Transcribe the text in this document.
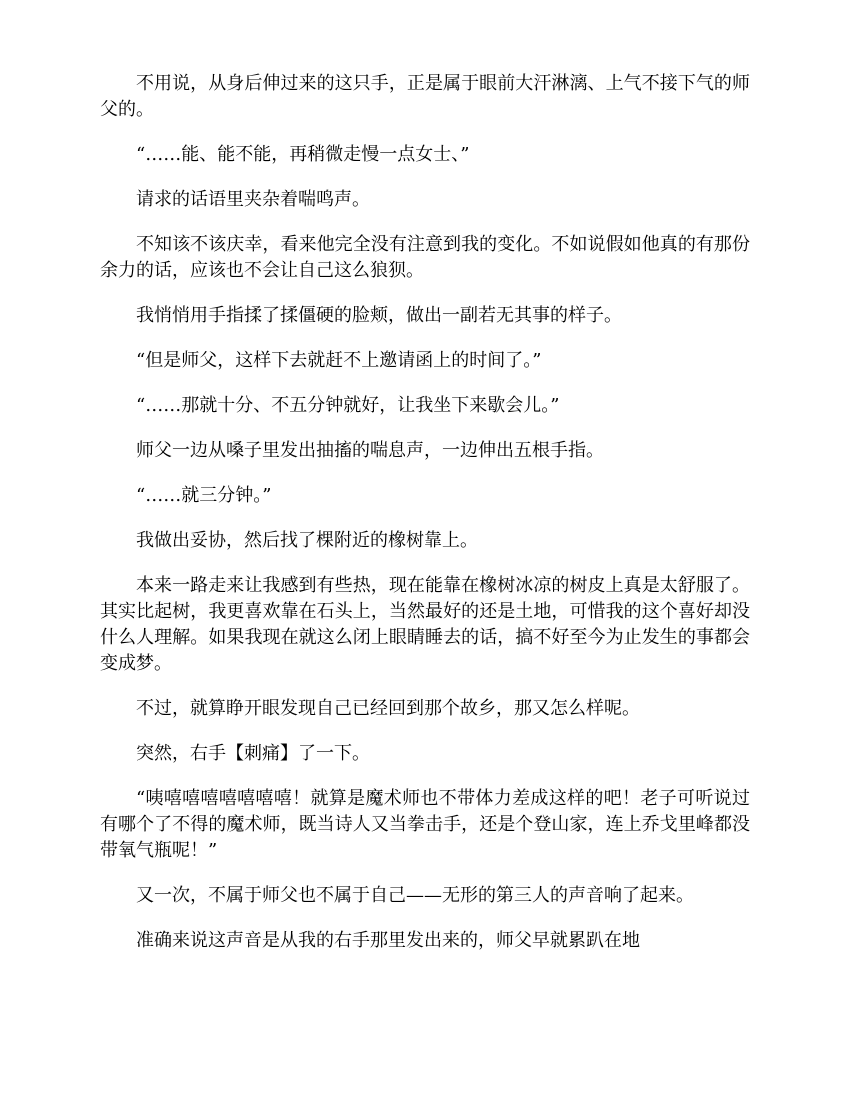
不用说，从身后伸过来的这只手，正是属于眼前大汗淋漓、上气不接下气的师父的。

“……能、能不能，再稍微走慢一点女士、”

请求的话语里夹杂着喘鸣声。

不知该不该庆幸，看来他完全没有注意到我的变化。不如说假如他真的有那份余力的话，应该也不会让自己这么狼狈。

我悄悄用手指揉了揉僵硬的脸颊，做出一副若无其事的样子。

“但是师父，这样下去就赶不上邀请函上的时间了。”

“……那就十分、不五分钟就好，让我坐下来歇会儿。”

师父一边从嗓子里发出抽搐的喘息声，一边伸出五根手指。

“……就三分钟。”

我做出妥协，然后找了棵附近的橡树靠上。

本来一路走来让我感到有些热，现在能靠在橡树冰凉的树皮上真是太舒服了。其实比起树，我更喜欢靠在石头上，当然最好的还是土地，可惜我的这个喜好却没什么人理解。如果我现在就这么闭上眼睛睡去的话，搞不好至今为止发生的事都会变成梦。

不过，就算睁开眼发现自己已经回到那个故乡，那又怎么样呢。

突然，右手【刺痛】了一下。

“咦嘻嘻嘻嘻嘻嘻嘻！就算是魔术师也不带体力差成这样的吧！老子可听说过有哪个了不得的魔术师，既当诗人又当拳击手，还是个登山家，连上乔戈里峰都没带氧气瓶呢！”

又一次，不属于师父也不属于自己——无形的第三人的声音响了起来。

准确来说这声音是从我的右手那里发出来的，师父早就累趴在地
